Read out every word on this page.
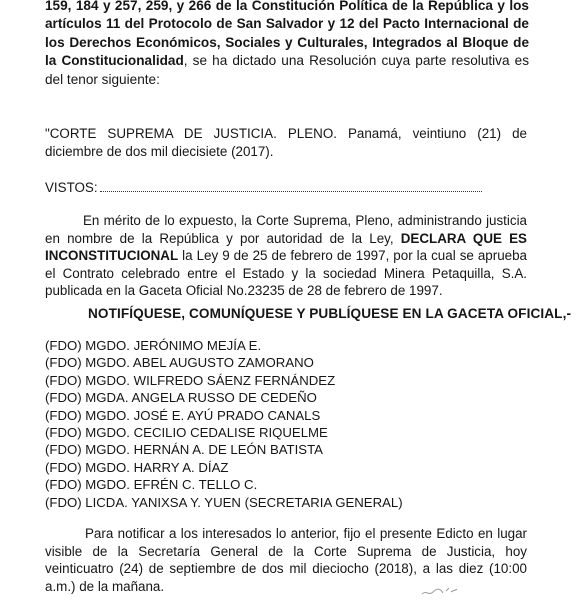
159, 184 y 257, 259, y 266 de la Constitución Política de la República y los artículos 11 del Protocolo de San Salvador y 12 del Pacto Internacional de los Derechos Económicos, Sociales y Culturales, Integrados al Bloque de la Constitucionalidad, se ha dictado una Resolución cuya parte resolutiva es del tenor siguiente:

"CORTE SUPREMA DE JUSTICIA. PLENO. Panamá, veintiuno (21) de diciembre de dos mil diecisiete (2017).

VISTOS:

En mérito de lo expuesto, la Corte Suprema, Pleno, administrando justicia en nombre de la República y por autoridad de la Ley, DECLARA QUE ES INCONSTITUCIONAL la Ley 9 de 25 de febrero de 1997, por la cual se aprueba el Contrato celebrado entre el Estado y la sociedad Minera Petaquilla, S.A. publicada en la Gaceta Oficial No.23235 de 28 de febrero de 1997.

NOTIFÍQUESE, COMUNÍQUESE Y PUBLÍQUESE EN LA GACETA OFICIAL,-

(FDO) MGDO. JERÓNIMO MEJÍA E.
(FDO) MGDO. ABEL AUGUSTO ZAMORANO
(FDO) MGDO. WILFREDO SÁENZ FERNÁNDEZ
(FDO) MGDA. ANGELA RUSSO DE CEDEÑO
(FDO) MGDO. JOSÉ E. AYÚ PRADO CANALS
(FDO) MGDO. CECILIO CEDALISE RIQUELME
(FDO) MGDO. HERNÁN A. DE LEÓN BATISTA
(FDO) MGDO. HARRY A. DÍAZ
(FDO) MGDO. EFRÉN C. TELLO C.
(FDO) LICDA. YANIXSA Y. YUEN (SECRETARIA GENERAL)

Para notificar a los interesados lo anterior, fijo el presente Edicto en lugar visible de la Secretaría General de la Corte Suprema de Justicia, hoy veinticuatro (24) de septiembre de dos mil dieciocho (2018), a las diez (10:00 a.m.) de la mañana.
